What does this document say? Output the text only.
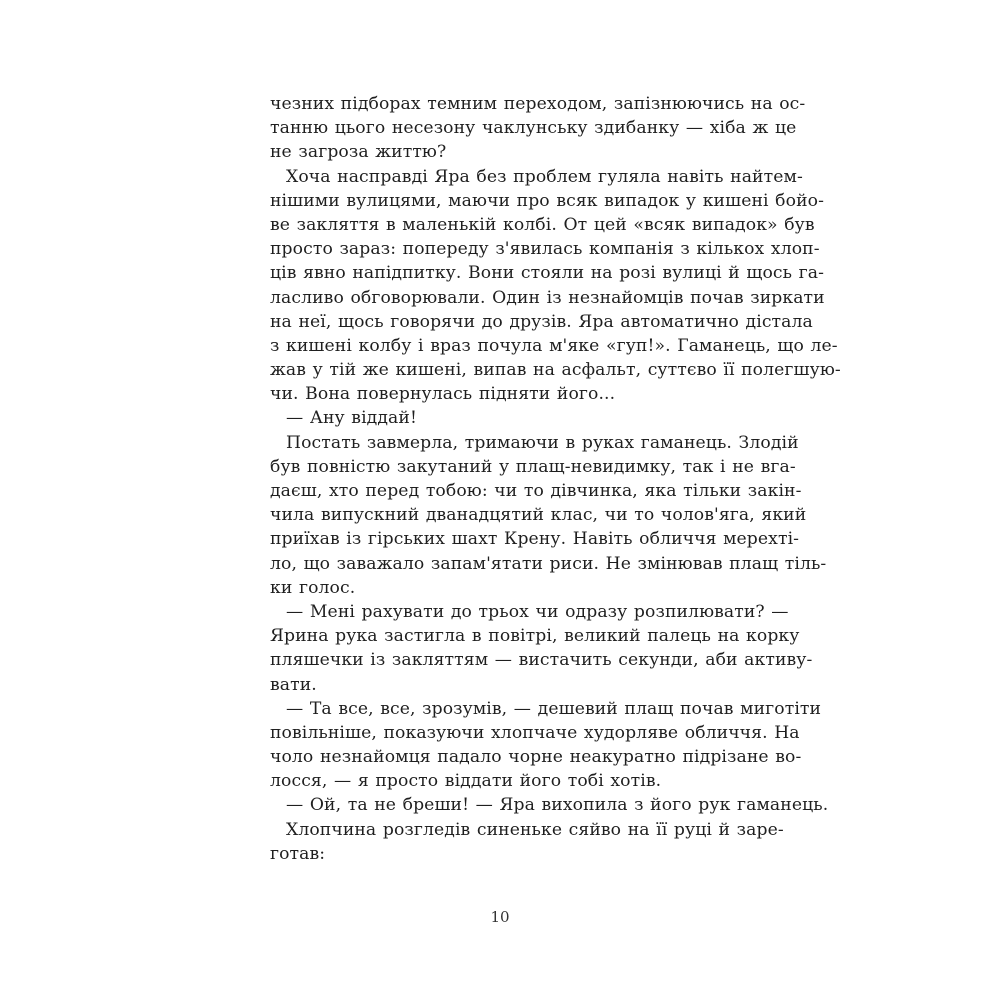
чезних підборах темним переходом, запізнюючись на ос-
танню цього несезону чаклунську здибанку — хіба ж це
не загроза життю?
Хоча насправді Яра без проблем гуляла навіть найтем-
нішими вулицями, маючи про всяк випадок у кишені бойо-
ве закляття в маленькій колбі. От цей «всяк випадок» був
просто зараз: попереду з'явилась компанія з кількох хлоп-
ців явно напідпитку. Вони стояли на розі вулиці й щось га-
ласливо обговорювали. Один із незнайомців почав зиркати
на неї, щось говорячи до друзів. Яра автоматично дістала
з кишені колбу і враз почула м'яке «гуп!». Гаманець, що ле-
жав у тій же кишені, випав на асфальт, суттєво її полегшую-
чи. Вона повернулась підняти його...
— Ану віддай!
Постать завмерла, тримаючи в руках гаманець. Злодій
був повністю закутаний у плащ-невидимку, так і не вга-
даєш, хто перед тобою: чи то дівчинка, яка тільки закін-
чила випускний дванадцятий клас, чи то чолов'яга, який
приїхав із гірських шахт Крену. Навіть обличчя мерехті-
ло, що заважало запам'ятати риси. Не змінював плащ тіль-
ки голос.
— Мені рахувати до трьох чи одразу розпилювати? —
Ярина рука застигла в повітрі, великий палець на корку
пляшечки із закляттям — вистачить секунди, аби активу-
вати.
— Та все, все, зрозумів, — дешевий плащ почав миготіти
повільніше, показуючи хлопчаче худорляве обличчя. На
чоло незнайомця падало чорне неакуратно підрізане во-
лосся, — я просто віддати його тобі хотів.
— Ой, та не бреши! — Яра вихопила з його рук гаманець.
Хлопчина розгледів синеньке сяйво на її руці й заре-
готав:
10
